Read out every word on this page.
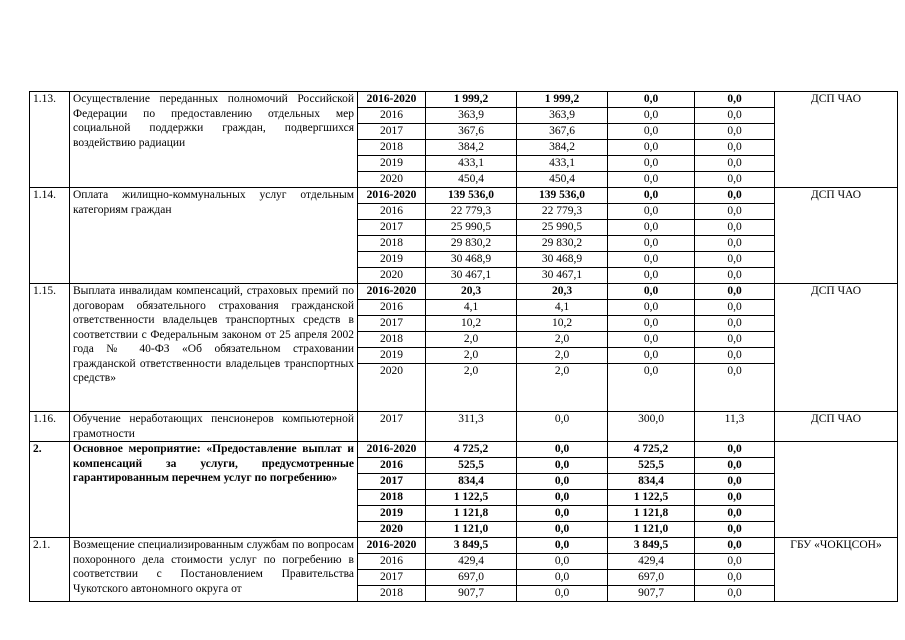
1.13.	Осуществление переданных полномочий Российской Федерации по предоставлению отдельных мер социальной поддержки граждан, подвергшихся воздействию радиации	2016-2020	1 999,2	1 999,2	0,0	0,0	ДСП ЧАО
		2016	363,9	363,9	0,0	0,0	
		2017	367,6	367,6	0,0	0,0	
		2018	384,2	384,2	0,0	0,0	
		2019	433,1	433,1	0,0	0,0	
		2020	450,4	450,4	0,0	0,0	
1.14.	Оплата жилищно-коммунальных услуг отдельным категориям граждан	2016-2020	139 536,0	139 536,0	0,0	0,0	ДСП ЧАО
		2016	22 779,3	22 779,3	0,0	0,0	
		2017	25 990,5	25 990,5	0,0	0,0	
		2018	29 830,2	29 830,2	0,0	0,0	
		2019	30 468,9	30 468,9	0,0	0,0	
		2020	30 467,1	30 467,1	0,0	0,0	
1.15.	Выплата инвалидам компенсаций, страховых премий по договорам обязательного страхования гражданской ответственности владельцев транспортных средств в соответствии с Федеральным законом от 25 апреля 2002 года № 40-ФЗ «Об обязательном страховании гражданской ответственности владельцев транспортных средств»	2016-2020	20,3	20,3	0,0	0,0	ДСП ЧАО
		2016	4,1	4,1	0,0	0,0	
		2017	10,2	10,2	0,0	0,0	
		2018	2,0	2,0	0,0	0,0	
		2019	2,0	2,0	0,0	0,0	
		2020	2,0	2,0	0,0	0,0	
1.16.	Обучение неработающих пенсионеров компьютерной грамотности	2017	311,3	0,0	300,0	11,3	ДСП ЧАО
2.	Основное мероприятие: «Предоставление выплат и компенсаций за услуги, предусмотренные гарантированным перечнем услуг по погребению»	2016-2020	4 725,2	0,0	4 725,2	0,0	
		2016	525,5	0,0	525,5	0,0	
		2017	834,4	0,0	834,4	0,0	
		2018	1 122,5	0,0	1 122,5	0,0	
		2019	1 121,8	0,0	1 121,8	0,0	
		2020	1 121,0	0,0	1 121,0	0,0	
2.1.	Возмещение специализированным службам по вопросам похоронного дела стоимости услуг по погребению в соответствии с Постановлением Правительства Чукотского автономного округа от	2016-2020	3 849,5	0,0	3 849,5	0,0	ГБУ «ЧОКЦСОН»
		2016	429,4	0,0	429,4	0,0	
		2017	697,0	0,0	697,0	0,0	
		2018	907,7	0,0	907,7	0,0	
